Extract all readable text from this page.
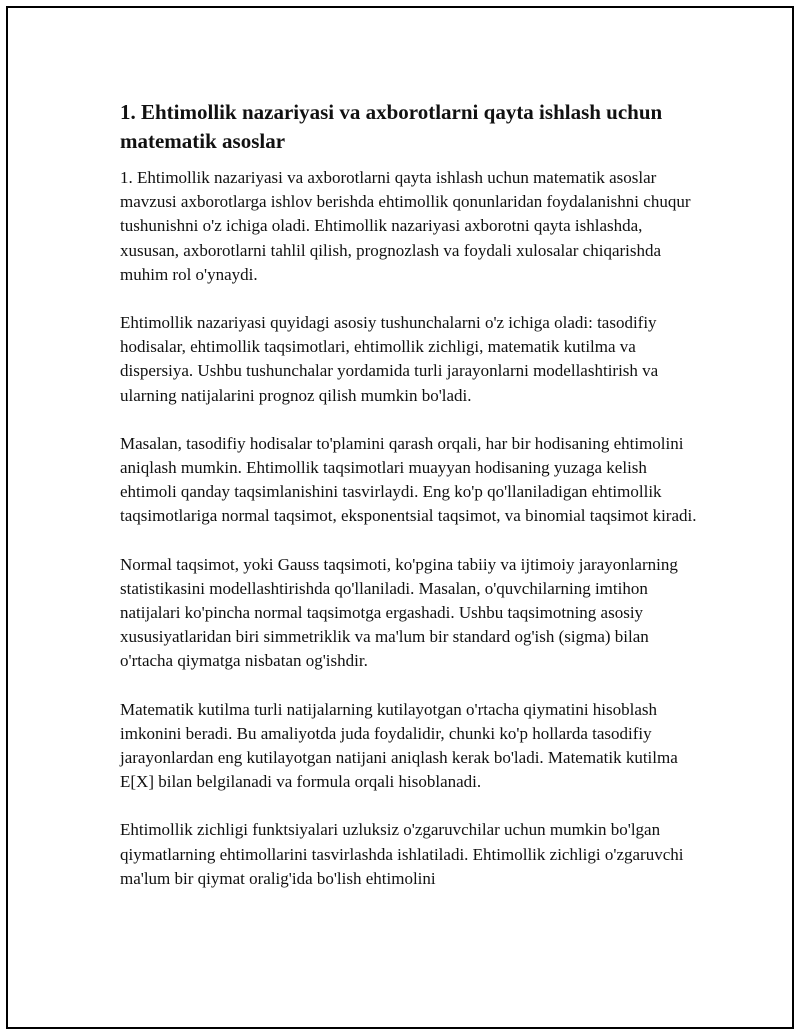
1. Ehtimollik nazariyasi va axborotlarni qayta ishlash uchun matematik asoslar

1. Ehtimollik nazariyasi va axborotlarni qayta ishlash uchun matematik asoslar mavzusi axborotlarga ishlov berishda ehtimollik qonunlaridan foydalanishni chuqur tushunishni o'z ichiga oladi. Ehtimollik nazariyasi axborotni qayta ishlashda, xususan, axborotlarni tahlil qilish, prognozlash va foydali xulosalar chiqarishda muhim rol o'ynaydi.

Ehtimollik nazariyasi quyidagi asosiy tushunchalarni o'z ichiga oladi: tasodifiy hodisalar, ehtimollik taqsimotlari, ehtimollik zichligi, matematik kutilma va dispersiya. Ushbu tushunchalar yordamida turli jarayonlarni modellashtirish va ularning natijalarini prognoz qilish mumkin bo'ladi.

Masalan, tasodifiy hodisalar to'plamini qarash orqali, har bir hodisaning ehtimolini aniqlash mumkin. Ehtimollik taqsimotlari muayyan hodisaning yuzaga kelish ehtimoli qanday taqsimlanishini tasvirlaydi. Eng ko'p qo'llaniladigan ehtimollik taqsimotlariga normal taqsimot, eksponentsial taqsimot, va binomial taqsimot kiradi.

Normal taqsimot, yoki Gauss taqsimoti, ko'pgina tabiiy va ijtimoiy jarayonlarning statistikasini modellashtirishda qo'llaniladi. Masalan, o'quvchilarning imtihon natijalari ko'pincha normal taqsimotga ergashadi. Ushbu taqsimotning asosiy xususiyatlaridan biri simmetriklik va ma'lum bir standard og'ish (sigma) bilan o'rtacha qiymatga nisbatan og'ishdir.

Matematik kutilma turli natijalarning kutilayotgan o'rtacha qiymatini hisoblash imkonini beradi. Bu amaliyotda juda foydalidir, chunki ko'p hollarda tasodifiy jarayonlardan eng kutilayotgan natijani aniqlash kerak bo'ladi. Matematik kutilma E[X] bilan belgilanadi va formula orqali hisoblanadi.

Ehtimollik zichligi funktsiyalari uzluksiz o'zgaruvchilar uchun mumkin bo'lgan qiymatlarning ehtimollarini tasvirlashda ishlatiladi. Ehtimollik zichligi o'zgaruvchi ma'lum bir qiymat oralig'ida bo'lish ehtimolini
